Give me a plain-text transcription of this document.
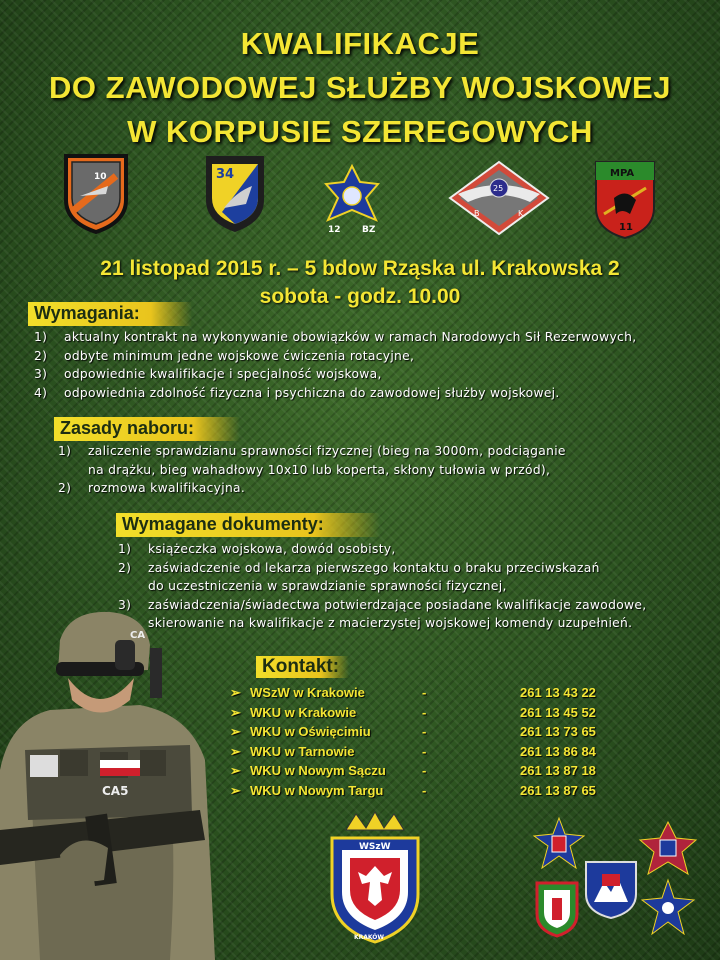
KWALIFIKACJE
DO ZAWODOWEJ SŁUŻBY WOJSKOWEJ
W KORPUSIE SZEREGOWYCH
10	34
12 BZ
25
B	K
MPA
11
21 listopad 2015 r. – 5 bdow Rząska ul. Krakowska 2
sobota - godz. 10.00
Wymagania:
1) aktualny kontrakt na wykonywanie obowiązków w ramach Narodowych Sił Rezerwowych,
2) odbyte minimum jedne wojskowe ćwiczenia rotacyjne,
3) odpowiednie kwalifikacje i specjalność wojskowa,
4) odpowiednia zdolność fizyczna i psychiczna do zawodowej służby wojskowej.
Zasady naboru:
1) zaliczenie sprawdzianu sprawności fizycznej (bieg na 3000m, podciąganie
na drążku, bieg wahadłowy 10x10 lub koperta, skłony tułowia w przód),
2) rozmowa kwalifikacyjna.
Wymagane dokumenty:
1) książeczka wojskowa, dowód osobisty,
2) zaświadczenie od lekarza pierwszego kontaktu o braku przeciwskazań
do uczestniczenia w sprawdzianie sprawności fizycznej,
3) zaświadczenia/świadectwa potwierdzające posiadane kwalifikacje zawodowe,
skierowanie na kwalifikacje z macierzystej wojskowej komendy uzupełnień.
CA5
CA
Kontakt:
➢ WSzW w Krakowie	-	261 13 43 22
➢ WKU w Krakowie	-	261 13 45 52
➢ WKU w Oświęcimiu	-	261 13 73 65
➢ WKU w Tarnowie	-	261 13 86 84
➢ WKU w Nowym Sączu	-	261 13 87 18
➢ WKU w Nowym Targu	-	261 13 87 65
WSzW
KRAKÓW
